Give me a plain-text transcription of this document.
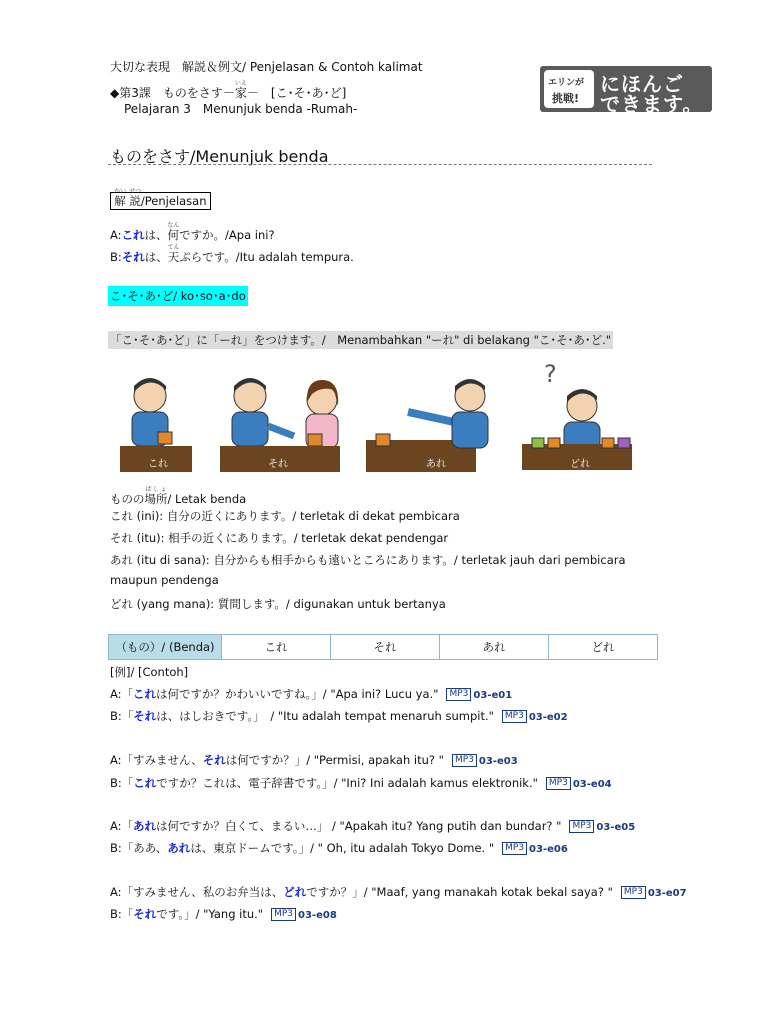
大切な表現　解説＆例文/ Penjelasan & Contoh kalimat
◆第3課　ものをさす－家いえ－　[こ･そ･あ･ど]
Pelajaran 3　Menunjuk benda -Rumah-
エリンが
挑戦!
にほんご
できます。
ものをさす/Menunjuk benda
解かい 説せつ/Penjelasan
A:これは、何なんですか。/Apa ini?
B:それは、天てんぷらです。/Itu adalah tempura.
こ･そ･あ･ど/ ko･so･a･do
「こ･そ･あ･ど」に「ーれ」をつけます。/　Menambahkan "ーれ" di belakang "こ･そ･あ･ど."
?
これ	それ	あれ	どれ
ものの場所ばしょ/ Letak benda
これ (ini): 自分の近くにあります。/ terletak di dekat pembicara
それ (itu): 相手の近くにあります。/ terletak dekat pendengar
あれ (itu di sana): 自分からも相手からも遠いところにあります。/ terletak jauh dari pembicara
maupun pendenga
どれ (yang mana): 質問します。/ digunakan untuk bertanya
（もの）/ (Benda)	これ	それ	あれ	どれ
[例]/ [Contoh]
A:「これは何ですか？かわいいですね。」/ "Apa ini? Lucu ya." MP3 03-e01
B:「それは、はしおきです。」　/ "Itu adalah tempat menaruh sumpit." MP3 03-e02
A:「すみません、それは何ですか？」/ "Permisi, apakah itu? " MP3 03-e03
B:「これですか？これは、電子辞書です。」/ "Ini? Ini adalah kamus elektronik." MP3 03-e04
A:「あれは何ですか？白くて、まるい…」 / "Apakah itu? Yang putih dan bundar? " MP3 03-e05
B:「ああ、あれは、東京ドームです。」/ " Oh, itu adalah Tokyo Dome. " MP3 03-e06
A:「すみません、私のお弁当は、どれですか？」/ "Maaf, yang manakah kotak bekal saya? " MP3 03-e07
B:「それです。」/ "Yang itu." MP3 03-e08
